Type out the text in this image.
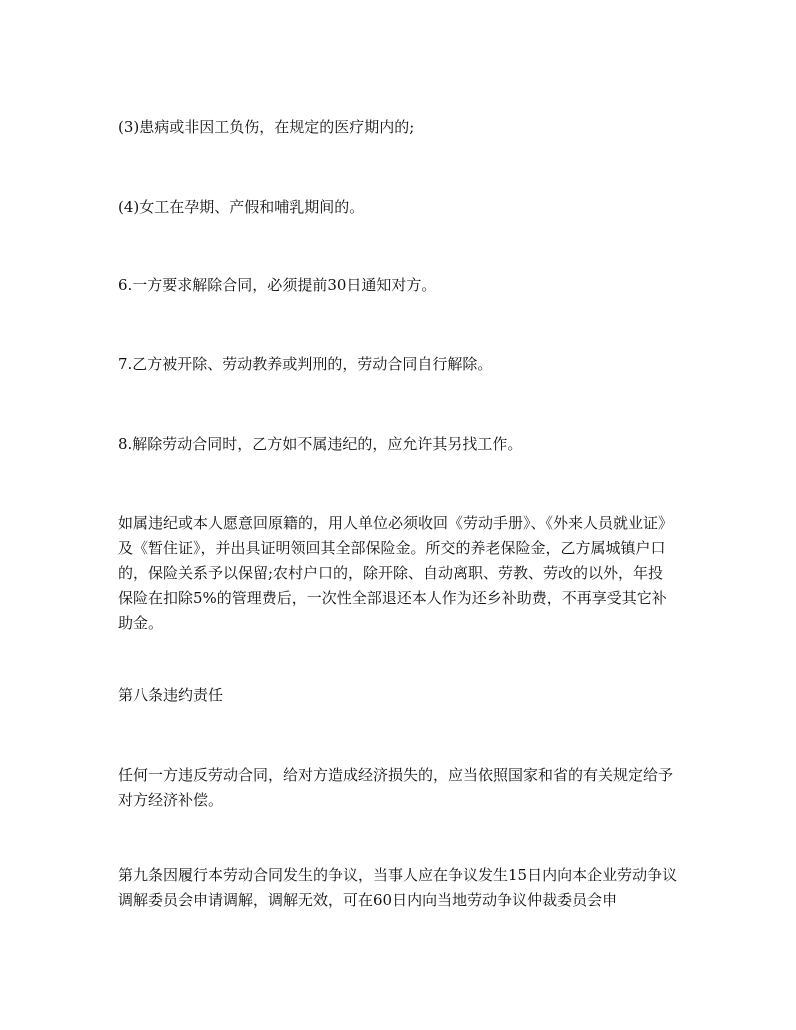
(3)患病或非因工负伤，在规定的医疗期内的;

(4)女工在孕期、产假和哺乳期间的。

6.一方要求解除合同，必须提前30日通知对方。

7.乙方被开除、劳动教养或判刑的，劳动合同自行解除。

8.解除劳动合同时，乙方如不属违纪的，应允许其另找工作。

如属违纪或本人愿意回原籍的，用人单位必须收回《劳动手册》、《外来人员就业证》及《暂住证》，并出具证明领回其全部保险金。所交的养老保险金，乙方属城镇户口的，保险关系予以保留;农村户口的，除开除、自动离职、劳教、劳改的以外，年投保险在扣除5%的管理费后，一次性全部退还本人作为还乡补助费，不再享受其它补助金。

第八条违约责任

任何一方违反劳动合同，给对方造成经济损失的，应当依照国家和省的有关规定给予对方经济补偿。

第九条因履行本劳动合同发生的争议，当事人应在争议发生15日内向本企业劳动争议调解委员会申请调解，调解无效，可在60日内向当地劳动争议仲裁委员会申
